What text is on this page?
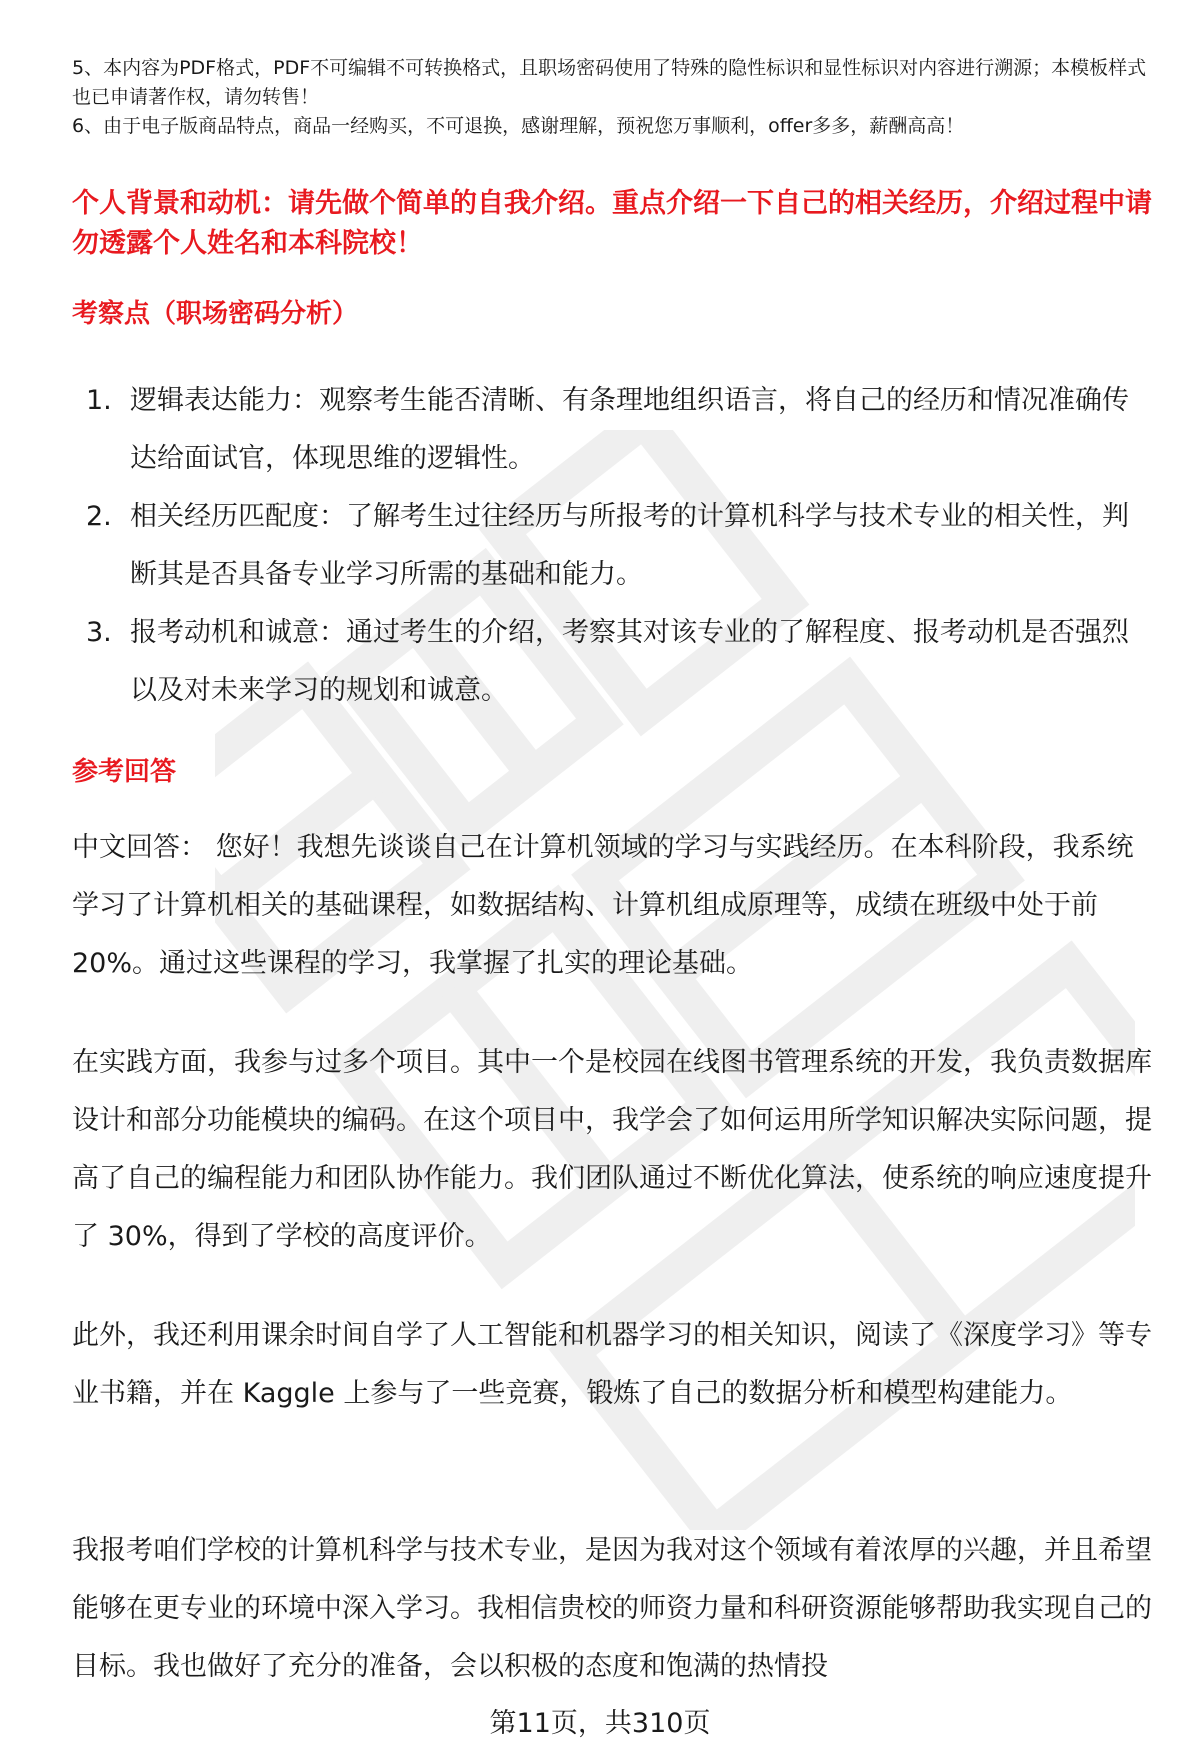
5、本内容为PDF格式，PDF不可编辑不可转换格式，且职场密码使用了特殊的隐性标识和显性标识对内容进行溯源；本模板样式也已申请著作权，请勿转售！

6、由于电子版商品特点，商品一经购买，不可退换，感谢理解，预祝您万事顺利，offer多多，薪酬高高！

个人背景和动机：请先做个简单的自我介绍。重点介绍一下自己的相关经历，介绍过程中请勿透露个人姓名和本科院校！

考察点（职场密码分析）

1. 逻辑表达能力：观察考生能否清晰、有条理地组织语言，将自己的经历和情况准确传达给面试官，体现思维的逻辑性。
2. 相关经历匹配度：了解考生过往经历与所报考的计算机科学与技术专业的相关性，判断其是否具备专业学习所需的基础和能力。
3. 报考动机和诚意：通过考生的介绍，考察其对该专业的了解程度、报考动机是否强烈以及对未来学习的规划和诚意。

参考回答

中文回答： 您好！我想先谈谈自己在计算机领域的学习与实践经历。在本科阶段，我系统学习了计算机相关的基础课程，如数据结构、计算机组成原理等，成绩在班级中处于前 20%。通过这些课程的学习，我掌握了扎实的理论基础。

在实践方面，我参与过多个项目。其中一个是校园在线图书管理系统的开发，我负责数据库设计和部分功能模块的编码。在这个项目中，我学会了如何运用所学知识解决实际问题，提高了自己的编程能力和团队协作能力。我们团队通过不断优化算法，使系统的响应速度提升了 30%，得到了学校的高度评价。

此外，我还利用课余时间自学了人工智能和机器学习的相关知识，阅读了《深度学习》等专业书籍，并在 Kaggle 上参与了一些竞赛，锻炼了自己的数据分析和模型构建能力。

我报考咱们学校的计算机科学与技术专业，是因为我对这个领域有着浓厚的兴趣，并且希望能够在更专业的环境中深入学习。我相信贵校的师资力量和科研资源能够帮助我实现自己的目标。我也做好了充分的准备，会以积极的态度和饱满的热情投

第11页，共310页
